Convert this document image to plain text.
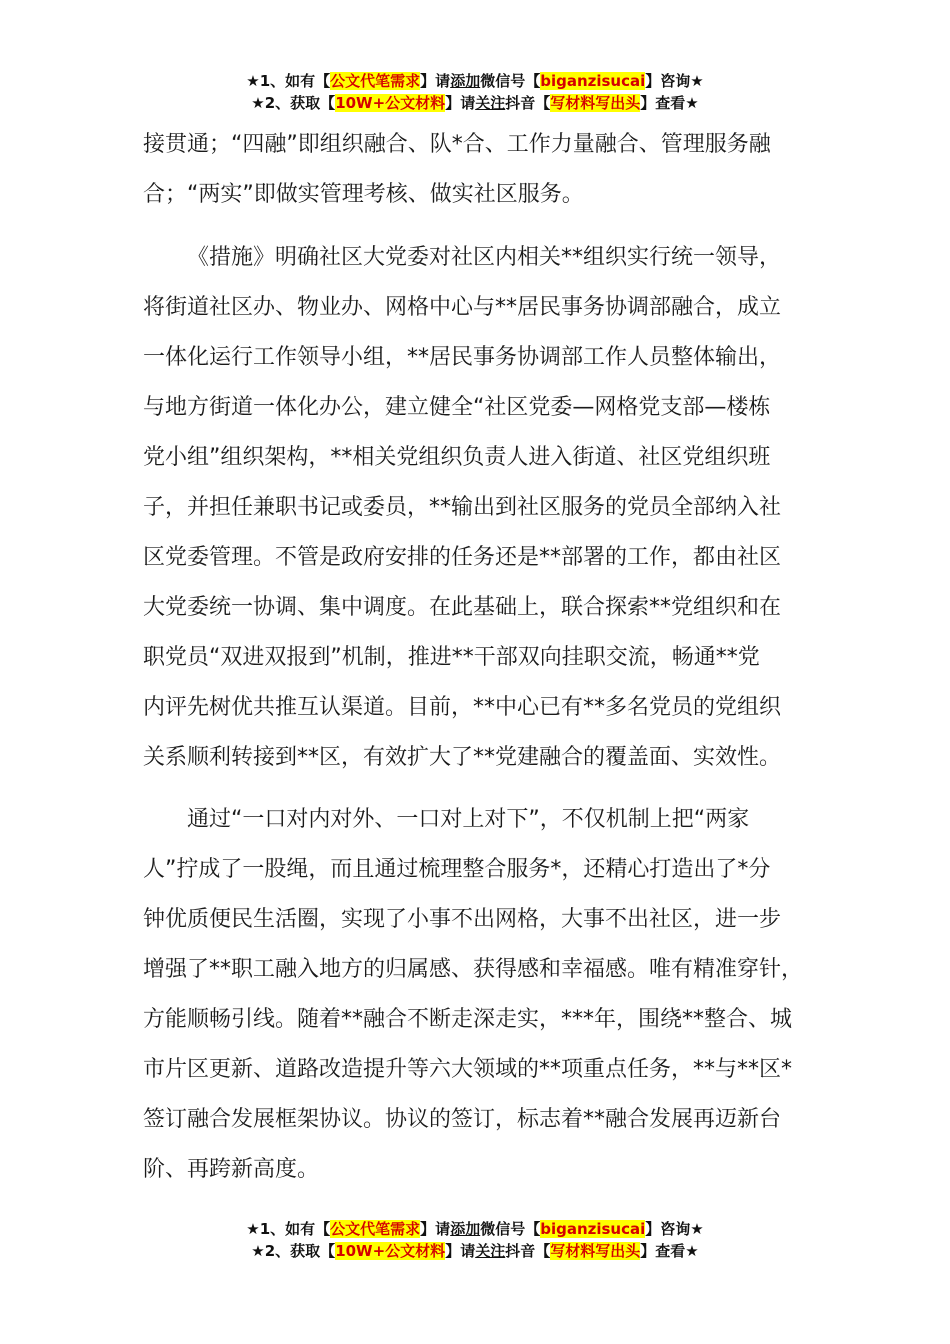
★1、如有【公文代笔需求】请添加微信号【biganzisucai】咨询★
★2、获取【10W+公文材料】请关注抖音【写材料写出头】查看★
接贯通；“四融”即组织融合、队*合、工作力量融合、管理服务融
合；“两实”即做实管理考核、做实社区服务。
《措施》明确社区大党委对社区内相关**组织实行统一领导，
将街道社区办、物业办、网格中心与**居民事务协调部融合，成立
一体化运行工作领导小组，**居民事务协调部工作人员整体输出，
与地方街道一体化办公，建立健全“社区党委—网格党支部—楼栋
党小组”组织架构，**相关党组织负责人进入街道、社区党组织班
子，并担任兼职书记或委员，**输出到社区服务的党员全部纳入社
区党委管理。不管是政府安排的任务还是**部署的工作，都由社区
大党委统一协调、集中调度。在此基础上，联合探索**党组织和在
职党员“双进双报到”机制，推进**干部双向挂职交流，畅通**党
内评先树优共推互认渠道。目前，**中心已有**多名党员的党组织
关系顺利转接到**区，有效扩大了**党建融合的覆盖面、实效性。
通过“一口对内对外、一口对上对下”，不仅机制上把“两家
人”拧成了一股绳，而且通过梳理整合服务*，还精心打造出了*分
钟优质便民生活圈，实现了小事不出网格，大事不出社区，进一步
增强了**职工融入地方的归属感、获得感和幸福感。唯有精准穿针，
方能顺畅引线。随着**融合不断走深走实，***年，围绕**整合、城
市片区更新、道路改造提升等六大领域的**项重点任务，**与**区*
签订融合发展框架协议。协议的签订，标志着**融合发展再迈新台
阶、再跨新高度。
★1、如有【公文代笔需求】请添加微信号【biganzisucai】咨询★
★2、获取【10W+公文材料】请关注抖音【写材料写出头】查看★
